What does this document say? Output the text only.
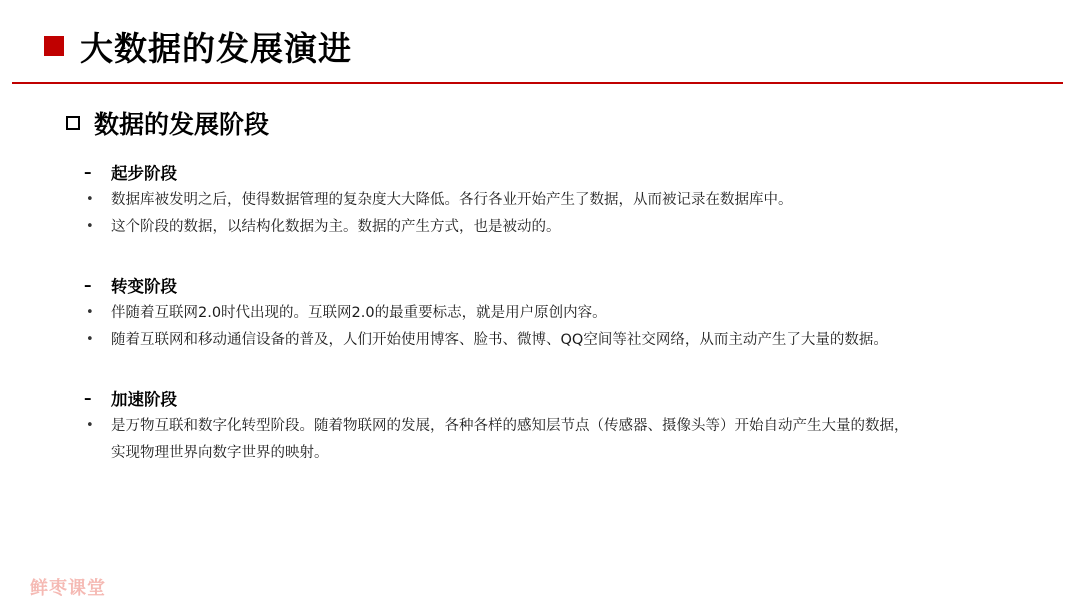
大数据的发展演进
数据的发展阶段
– 起步阶段
•	数据库被发明之后，使得数据管理的复杂度大大降低。各行各业开始产生了数据，从而被记录在数据库中。
•	这个阶段的数据，以结构化数据为主。数据的产生方式，也是被动的。
– 转变阶段
•	伴随着互联网2.0时代出现的。互联网2.0的最重要标志，就是用户原创内容。
•	随着互联网和移动通信设备的普及，人们开始使用博客、脸书、微博、QQ空间等社交网络，从而主动产生了大量的数据。
– 加速阶段
•	是万物互联和数字化转型阶段。随着物联网的发展，各种各样的感知层节点（传感器、摄像头等）开始自动产生大量的数据，
实现物理世界向数字世界的映射。
鲜枣课堂
